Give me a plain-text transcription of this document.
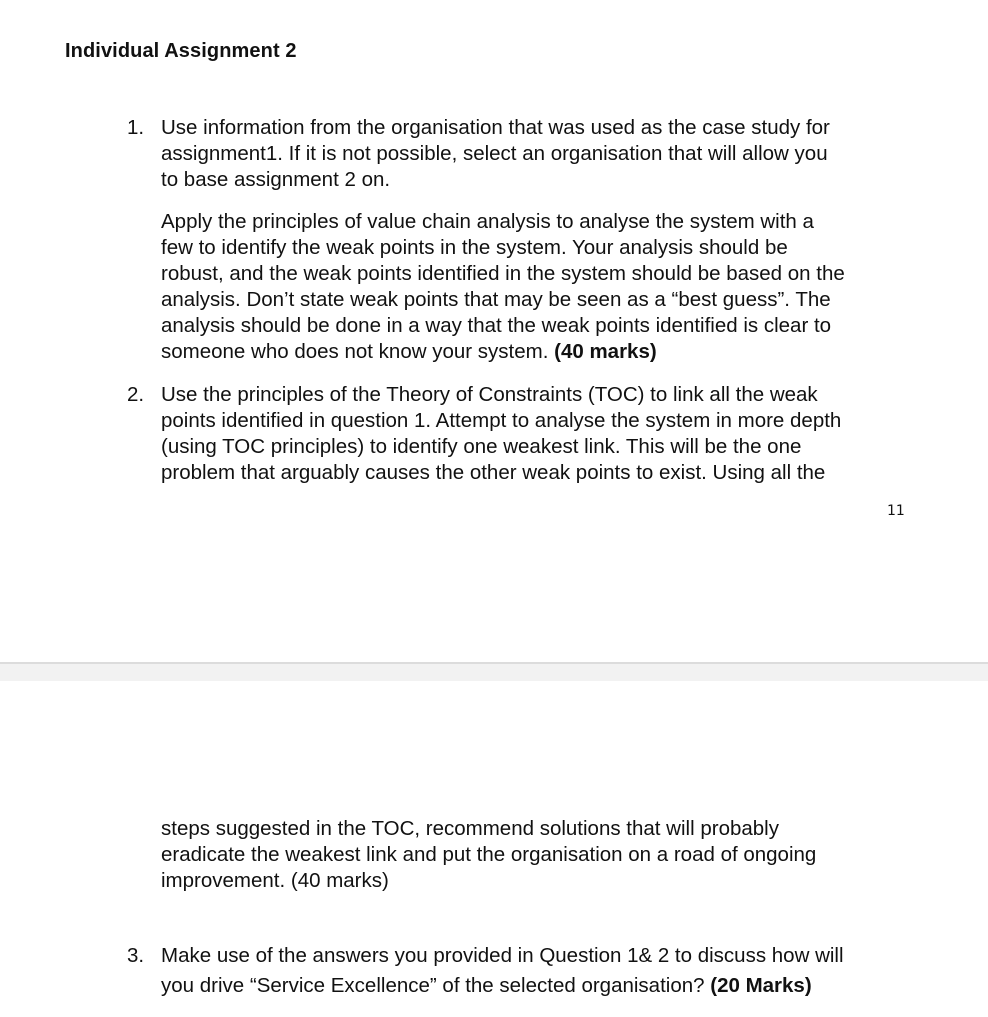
Individual Assignment 2
1. Use information from the organisation that was used as the case study for
assignment1. If it is not possible, select an organisation that will allow you
to base assignment 2 on.
Apply the principles of value chain analysis to analyse the system with a
few to identify the weak points in the system. Your analysis should be
robust, and the weak points identified in the system should be based on the
analysis. Don’t state weak points that may be seen as a “best guess”. The
analysis should be done in a way that the weak points identified is clear to
someone who does not know your system. (40 marks)
2. Use the principles of the Theory of Constraints (TOC) to link all the weak
points identified in question 1. Attempt to analyse the system in more depth
(using TOC principles) to identify one weakest link. This will be the one
problem that arguably causes the other weak points to exist. Using all the
11
steps suggested in the TOC, recommend solutions that will probably
eradicate the weakest link and put the organisation on a road of ongoing
improvement. (40 marks)
3. Make use of the answers you provided in Question 1& 2 to discuss how will
you drive “Service Excellence” of the selected organisation? (20 Marks)
